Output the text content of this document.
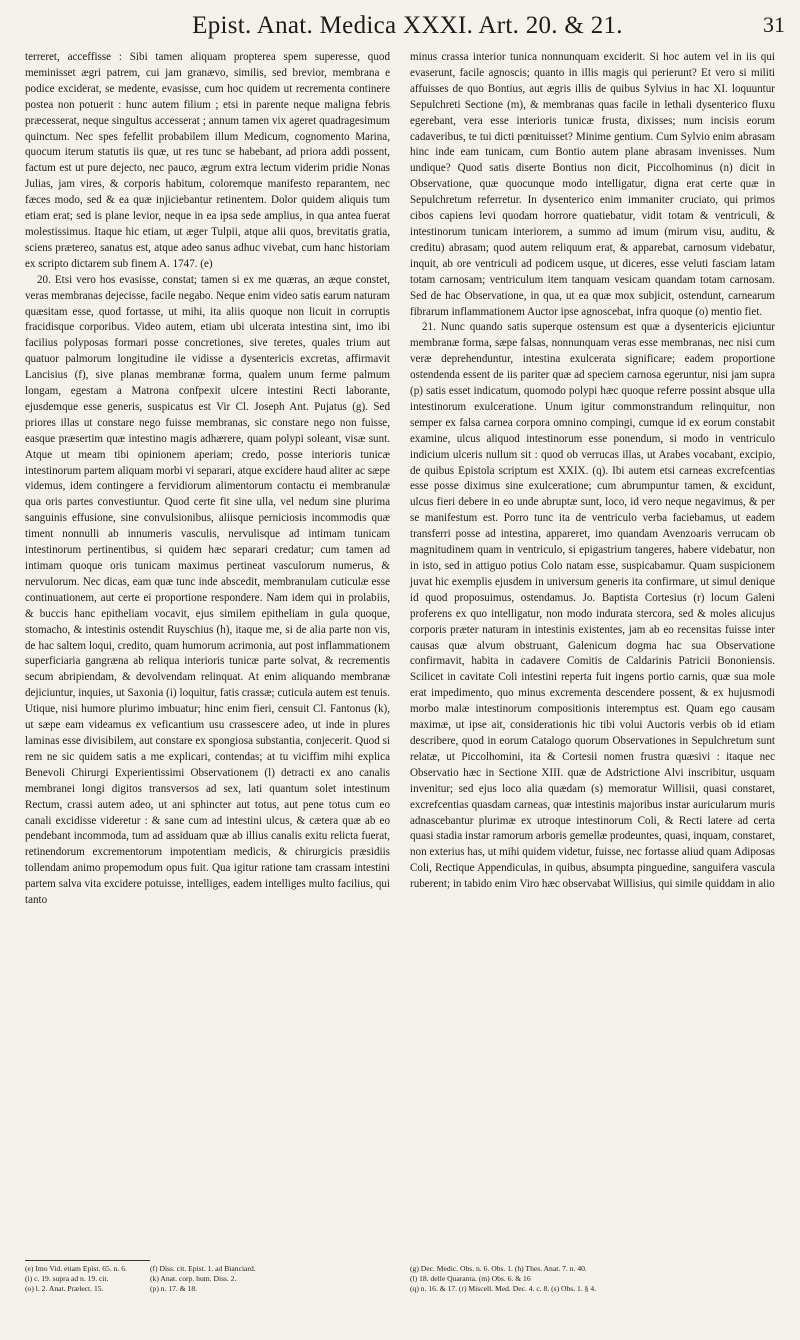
Epist. Anat. Medica XXXI. Art. 20. & 21.	31

terreret, acceffisse : Sibi tamen aliquam propterea spem superesse, quod meminisset ægri patrem, cui jam granævo, similis, sed brevior, membrana e podice exciderat, se medente, evasisse, cum hoc quidem ut recrementa continere postea non potuerit : hunc autem filium ; etsi in parente neque maligna febris præcesserat, neque singultus accesserat ; annum tamen vix ageret quadragesimum quinctum. Nec spes fefellit probabilem illum Medicum, cognomento Marina, quocum iterum statutis iis quæ, ut res tunc se habebant, ad priora addi possent, factum est ut pure dejecto, nec pauco, ægrum extra lectum viderim pridie Nonas Julias, jam vires, & corporis habitum, coloremque manifesto reparantem, nec fæces modo, sed & ea quæ injiciebantur retinentem. Dolor quidem aliquis tum etiam erat; sed is plane levior, neque in ea ipsa sede amplius, in qua antea fuerat molestissimus. Itaque hic etiam, ut æger Tulpii, atque alii quos, brevitatis gratia, sciens prætereo, sanatus est, atque adeo sanus adhuc vivebat, cum hanc historiam ex scripto dictarem sub finem A. 1747. (e)

20. Etsi vero hos evasisse, constat; tamen si ex me quæras, an æque constet, veras membranas dejecisse, facile negabo. Neque enim video satis earum naturam quæsitam esse, quod fortasse, ut mihi, ita aliis quoque non licuit in corruptis fracidisque corporibus. Video autem, etiam ubi ulcerata intestina sint, imo ibi facilius polyposas formari posse concretiones, sive teretes, quales trium aut quatuor palmorum longitudine ile vidisse a dysentericis excretas, affirmavit Lancisius (f), sive planas membranæ forma, qualem unum ferme palmum longam, egestam a Matrona confpexit ulcere intestini Recti laborante, ejusdemque esse generis, suspicatus est Vir Cl. Joseph Ant. Pujatus (g). Sed priores illas ut constare nego fuisse membranas, sic constare nego non fuisse, easque præsertim quæ intestino magis adhærere, quam polypi soleant, visæ sunt. Atque ut meam tibi opinionem aperiam; credo, posse interioris tunicæ intestinorum partem aliquam morbi vi separari, atque excidere haud aliter ac sæpe videmus, idem contingere a fervidiorum alimentorum contactu ei membranulæ qua oris partes convestiuntur. Quod certe fit sine ulla, vel nedum sine plurima sanguinis effusione, sine convulsionibus, aliisque perniciosis incommodis quæ timent nonnulli ab innumeris vasculis, nervulisque ad intimam tunicam intestinorum pertinentibus, si quidem hæc separari credatur; cum tamen ad intimam quoque oris tunicam maximus pertineat vasculorum numerus, & nervulorum. Nec dicas, eam quæ tunc inde abscedit, membranulam cuticulæ esse continuationem, aut certe ei proportione respondere. Nam idem qui in prolabiis, & buccis hanc epitheliam vocavit, ejus similem epitheliam in gula quoque, stomacho, & intestinis ostendit Ruyschius (h), itaque me, si de alia parte non vis, de hac saltem loqui, credito, quam humorum acrimonia, aut post inflammationem superficiaria gangræna ab reliqua interioris tunicæ parte solvat, & recrementis secum abripiendam, & devolvendam relinquat. At enim aliquando membranæ dejiciuntur, inquies, ut Saxonia (i) loquitur, fatis crassæ; cuticula autem est tenuis. Utique, nisi humore plurimo imbuatur; hinc enim fieri, censuit Cl. Fantonus (k), ut sæpe eam videamus ex veficantium usu crassescere adeo, ut inde in plures laminas esse divisibilem, aut constare ex spongiosa substantia, conjecerit. Quod si rem ne sic quidem satis a me explicari, contendas; at tu viciffim mihi explica Benevoli Chirurgi Experientissimi Observationem (l) detracti ex ano canalis membranei longi digitos transversos ad sex, lati quantum solet intestinum Rectum, crassi autem adeo, ut ani sphincter aut totus, aut pene totus cum eo canali excidisse videretur : & sane cum ad intestini ulcus, & cætera quæ ab eo pendebant incommoda, tum ad assiduam quæ ab illius canalis exitu relicta fuerat, retinendorum excrementorum impotentiam medicis, & chirurgicis præsidiis tollendam animo propemodum opus fuit. Qua igitur ratione tam crassam intestini partem salva vita excidere potuisse, intelliges, eadem intelliges multo facilius, qui tanto

minus crassa interior tunica nonnunquam exciderit. Si hoc autem vel in iis qui evaserunt, facile agnoscis; quanto in illis magis qui perierunt? Et vero si militi affuisses de quo Bontius, aut ægris illis de quibus Sylvius in hac XI. loquuntur Sepulchreti Sectione (m), & membranas quas facile in lethali dysenterico fluxu egerebant, vera esse interioris tunicæ frusta, dixisses; num incisis eorum cadaveribus, te tui dicti pœnituisset? Minime gentium. Cum Sylvio enim abrasam hinc inde eam tunicam, cum Bontio autem plane abrasam invenisses. Num undique? Quod satis diserte Bontius non dicit, Piccolhominus (n) dicit in Observatione, quæ quocunque modo intelligatur, digna erat certe quæ in Sepulchretum referretur. In dysenterico enim immaniter cruciato, qui primos cibos capiens levi quodam horrore quatiebatur, vidit totam & ventriculi, & intestinorum tunicam interiorem, a summo ad imum (mirum visu, auditu, & creditu) abrasam; quod autem reliquum erat, & apparebat, carnosum videbatur, inquit, ab ore ventriculi ad podicem usque, ut diceres, esse veluti fasciam latam totam carnosam; ventriculum item tanquam vesicam quandam totam carnosam. Sed de hac Observatione, in qua, ut ea quæ mox subjicit, ostendunt, carnearum fibrarum inflammationem Auctor ipse agnoscebat, infra quoque (o) mentio fiet.

21. Nunc quando satis superque ostensum est quæ a dysentericis ejiciuntur membranæ forma, sæpe falsas, nonnunquam veras esse membranas, nec nisi cum veræ deprehenduntur, intestina exulcerata significare; eadem proportione ostendenda essent de iis pariter quæ ad speciem carnosa egeruntur, nisi jam supra (p) satis esset indicatum, quomodo polypi hæc quoque referre possint absque ulla intestinorum exulceratione. Unum igitur commonstrandum relinquitur, non semper ex falsa carnea corpora omnino compingi, cumque id ex eorum constabit examine, ulcus aliquod intestinorum esse ponendum, si modo in ventriculo indicium ulceris nullum sit : quod ob verrucas illas, ut Arabes vocabant, excipio, de quibus Epistola scriptum est XXIX. (q). Ibi autem etsi carneas excrefcentias esse posse diximus sine exulceratione; cum abrumpuntur tamen, & excidunt, ulcus fieri debere in eo unde abruptæ sunt, loco, id vero neque negavimus, & per se manifestum est. Porro tunc ita de ventriculo verba faciebamus, ut eadem transferri posse ad intestina, appareret, imo quandam Avenzoaris verrucam ob magnitudinem quam in ventriculo, si epigastrium tangeres, habere videbatur, non in isto, sed in attiguo potius Colo natam esse, suspicabamur. Quam suspicionem juvat hic exemplis ejusdem in universum generis ita confirmare, ut simul denique id quod proposuimus, ostendamus. Jo. Baptista Cortesius (r) locum Galeni proferens ex quo intelligatur, non modo indurata stercora, sed & moles alicujus corporis præter naturam in intestinis existentes, jam ab eo recensitas fuisse inter causas quæ alvum obstruant, Galenicum dogma hac sua Observatione confirmavit, habita in cadavere Comitis de Caldarinis Patricii Bononiensis. Scilicet in cavitate Coli intestini reperta fuit ingens portio carnis, quæ sua mole erat impedimento, quo minus excrementa descendere possent, & ex hujusmodi morbo malæ intestinorum compositionis interemptus est. Quam ego causam maximæ, ut ipse ait, considerationis hic tibi volui Auctoris verbis ob id etiam describere, quod in eorum Catalogo quorum Observationes in Sepulchretum sunt relatæ, ut Piccolhomini, ita & Cortesii nomen frustra quæsivi : itaque nec Observatio hæc in Sectione XIII. quæ de Adstrictione Alvi inscribitur, usquam invenitur; sed ejus loco alia quædam (s) memoratur Willisii, quasi constaret, excrefcentias quasdam carneas, quæ intestinis majoribus instar auricularum muris adnascebantur plurimæ ex utroque intestinorum Coli, & Recti latere ad certa quasi stadia instar ramorum arboris gemellæ prodeuntes, quasi, inquam, constaret, non exterius has, ut mihi quidem videtur, fuisse, nec fortasse aliud quam Adiposas Coli, Rectique Appendiculas, in quibus, absumpta pinguedine, sanguifera vascula ruberent; in tabido enim Viro hæc observabat Willisius, qui simile quiddam in alio

(e) Imo Vid. etiam Epist. 65. n. 6.
(i) c. 19. supra ad n. 19. cit.
(o) l. 2. Anat. Prælect. 15.
(f) Diss. cit. Epist. 1. ad Bianciard.
(k) Anat. corp. hum. Diss. 2.
(p) n. 17. & 18.
(g) Dec. Medic. Obs. n. 6. Obs. 1. (h) Thes. Anat. 7. n. 40.
(l) 18. delle Quaranta. (m) Obs. 6. & 16
(q) n. 16. & 17. (r) Miscell. Med. Dec. 4. c. 8. (s) Obs. 1. § 4.
